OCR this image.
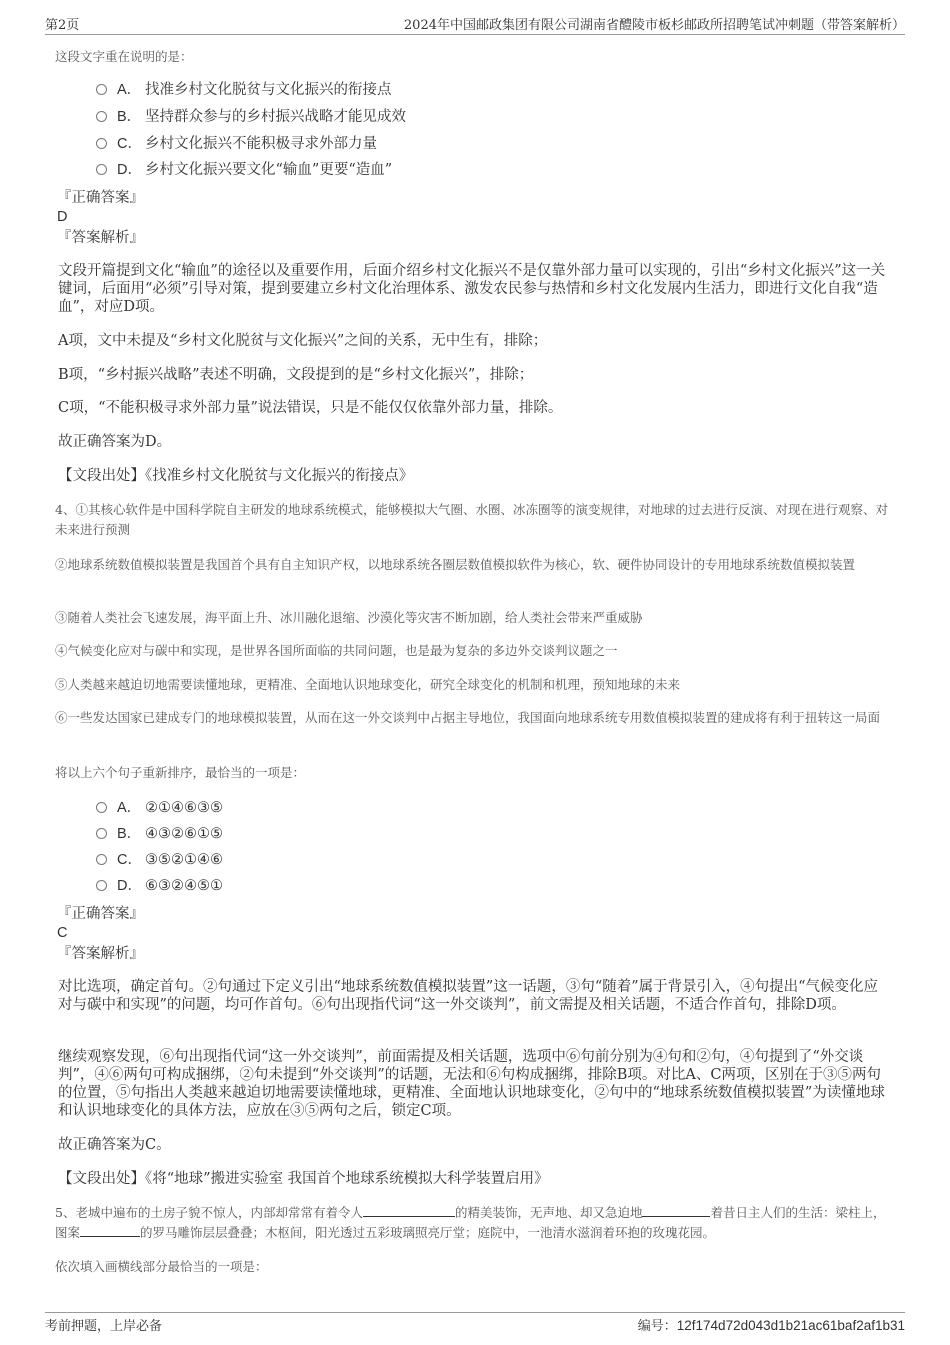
第2页	2024年中国邮政集团有限公司湖南省醴陵市板杉邮政所招聘笔试冲刺题（带答案解析）
这段文字重在说明的是：
A． 找准乡村文化脱贫与文化振兴的衔接点
B． 坚持群众参与的乡村振兴战略才能见成效
C． 乡村文化振兴不能积极寻求外部力量
D． 乡村文化振兴要文化“输血”更要“造血”
『正确答案』
D
『答案解析』
文段开篇提到文化“输血”的途径以及重要作用，后面介绍乡村文化振兴不是仅靠外部力量可以实现的，引出“乡村文化振兴”这一关键词，后面用“必须”引导对策，提到要建立乡村文化治理体系、激发农民参与热情和乡村文化发展内生活力，即进行文化自我“造血”，对应D项。
A项，文中未提及“乡村文化脱贫与文化振兴”之间的关系，无中生有，排除；
B项，“乡村振兴战略”表述不明确，文段提到的是“乡村文化振兴”，排除；
C项，“不能积极寻求外部力量”说法错误，只是不能仅仅依靠外部力量，排除。
故正确答案为D。
【文段出处】《找准乡村文化脱贫与文化振兴的衔接点》
4、①其核心软件是中国科学院自主研发的地球系统模式，能够模拟大气圈、水圈、冰冻圈等的演变规律，对地球的过去进行反演、对现在进行观察、对未来进行预测
②地球系统数值模拟装置是我国首个具有自主知识产权，以地球系统各圈层数值模拟软件为核心，软、硬件协同设计的专用地球系统数值模拟装置
③随着人类社会飞速发展，海平面上升、冰川融化退缩、沙漠化等灾害不断加剧，给人类社会带来严重威胁
④气候变化应对与碳中和实现，是世界各国所面临的共同问题，也是最为复杂的多边外交谈判议题之一
⑤人类越来越迫切地需要读懂地球，更精准、全面地认识地球变化，研究全球变化的机制和机理，预知地球的未来
⑥一些发达国家已建成专门的地球模拟装置，从而在这一外交谈判中占据主导地位，我国面向地球系统专用数值模拟装置的建成将有利于扭转这一局面
将以上六个句子重新排序，最恰当的一项是：
A． ②①④⑥③⑤
B． ④③②⑥①⑤
C． ③⑤②①④⑥
D． ⑥③②④⑤①
『正确答案』
C
『答案解析』
对比选项，确定首句。②句通过下定义引出“地球系统数值模拟装置”这一话题，③句“随着”属于背景引入，④句提出“气候变化应对与碳中和实现”的问题，均可作首句。⑥句出现指代词“这一外交谈判”，前文需提及相关话题，不适合作首句，排除D项。
继续观察发现，⑥句出现指代词“这一外交谈判”，前面需提及相关话题，选项中⑥句前分别为④句和②句，④句提到了“外交谈判”，④⑥两句可构成捆绑，②句未提到“外交谈判”的话题，无法和⑥句构成捆绑，排除B项。对比A、C两项，区别在于③⑤两句的位置，⑤句指出人类越来越迫切地需要读懂地球，更精准、全面地认识地球变化，②句中的“地球系统数值模拟装置”为读懂地球和认识地球变化的具体方法，应放在③⑤两句之后，锁定C项。
故正确答案为C。
【文段出处】《将“地球”搬进实验室 我国首个地球系统模拟大科学装置启用》
5、老城中遍布的土房子貌不惊人，内部却常常有着令人	的精美装饰，无声地、却又急迫地	着昔日主人们的生活：梁柱上，图案	的罗马雕饰层层叠叠；木枢间，阳光透过五彩玻璃照亮厅堂；庭院中，一池清水滋润着环抱的玫瑰花园。
依次填入画横线部分最恰当的一项是：
考前押题，上岸必备	编号：12f174d72d043d1b21ac61baf2af1b31
